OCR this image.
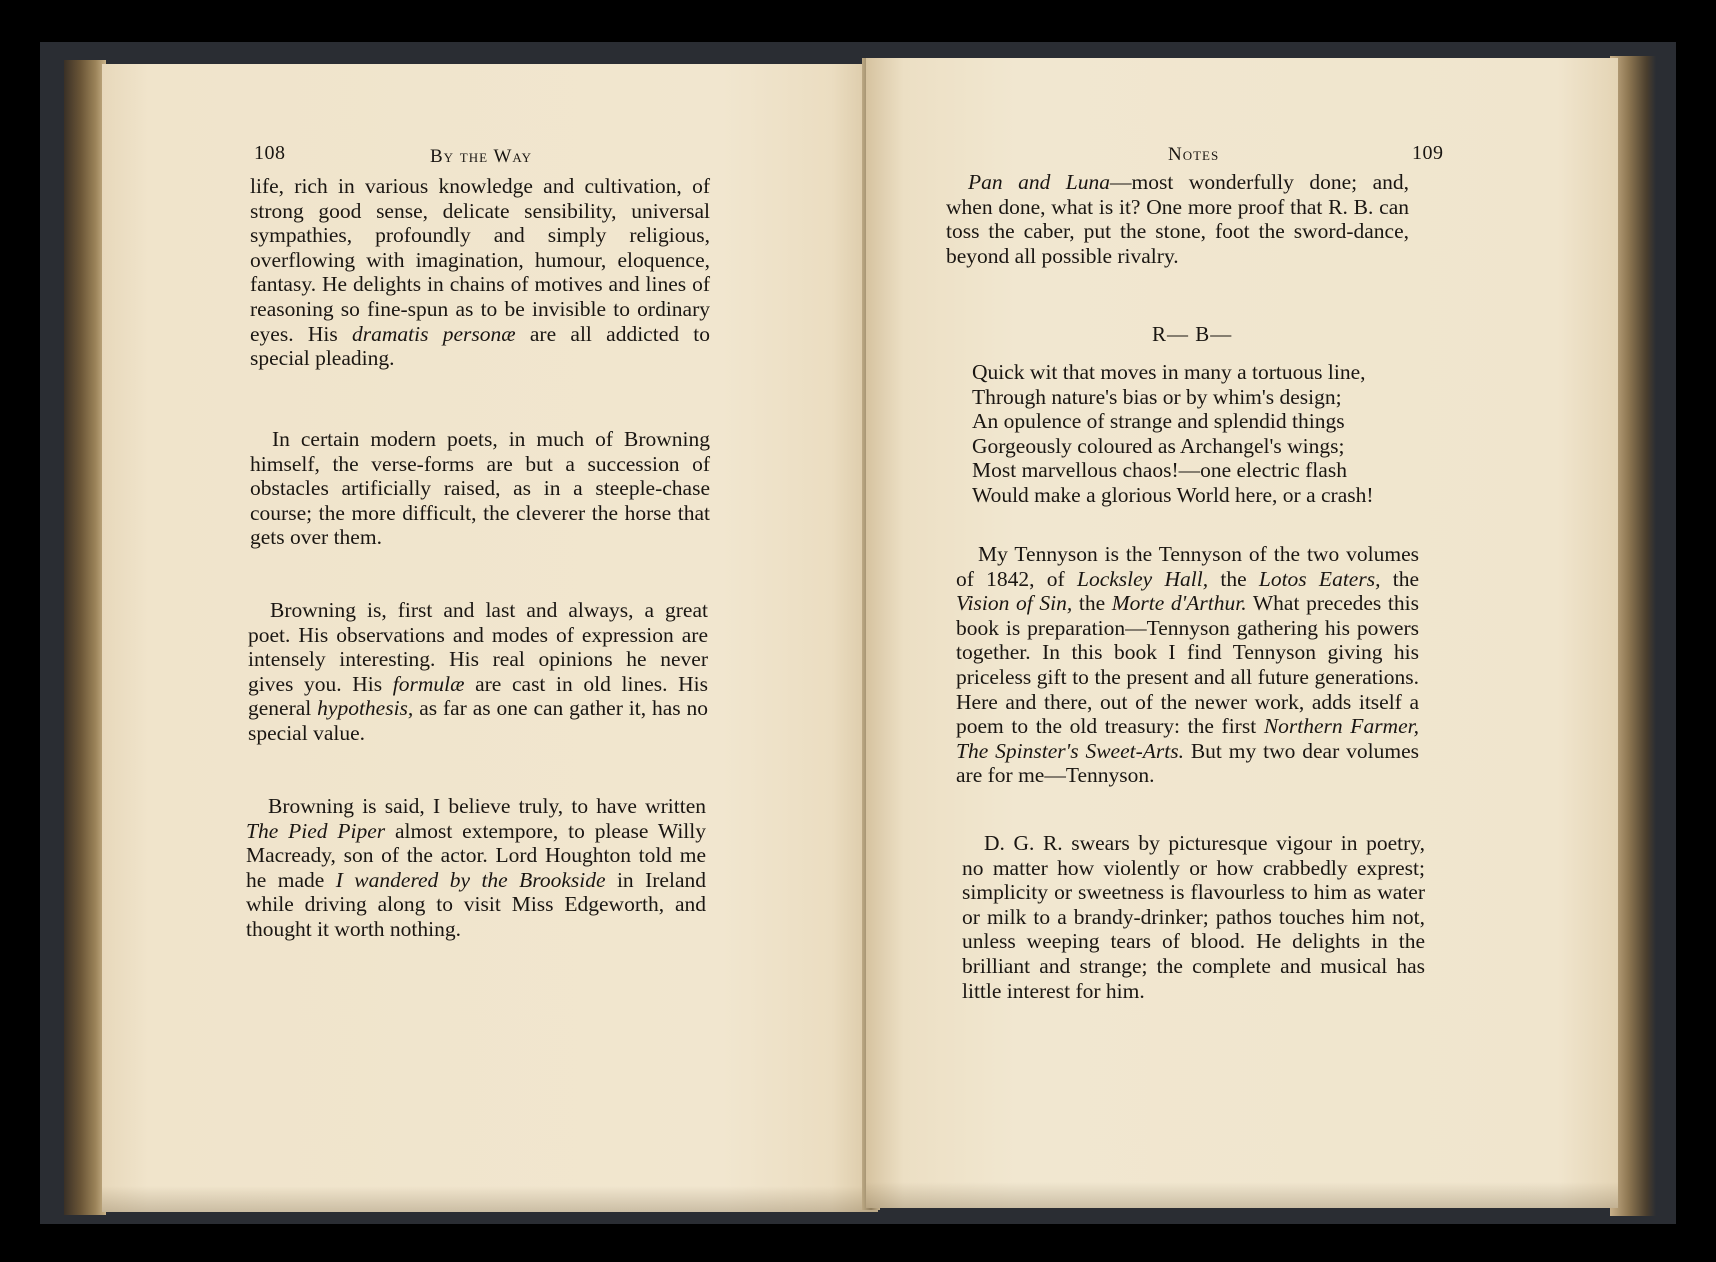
108	By the Way

life, rich in various knowledge and cultivation, of strong good sense, delicate sensibility, universal sympathies, profoundly and simply religious, overflowing with imagination, humour, eloquence, fantasy. He delights in chains of motives and lines of reasoning so fine-spun as to be invisible to ordinary eyes. His dramatis personæ are all addicted to special pleading.

In certain modern poets, in much of Browning himself, the verse-forms are but a succession of obstacles artificially raised, as in a steeple-chase course; the more difficult, the cleverer the horse that gets over them.

Browning is, first and last and always, a great poet. His observations and modes of expression are intensely interesting. His real opinions he never gives you. His formulæ are cast in old lines. His general hypothesis, as far as one can gather it, has no special value.

Browning is said, I believe truly, to have written The Pied Piper almost extempore, to please Willy Macready, son of the actor. Lord Houghton told me he made I wandered by the Brookside in Ireland while driving along to visit Miss Edgeworth, and thought it worth nothing.

Notes	109

Pan and Luna—most wonderfully done; and, when done, what is it? One more proof that R. B. can toss the caber, put the stone, foot the sword-dance, beyond all possible rivalry.

R— B—
Quick wit that moves in many a tortuous line,
Through nature's bias or by whim's design;
An opulence of strange and splendid things
Gorgeously coloured as Archangel's wings;
Most marvellous chaos!—one electric flash
Would make a glorious World here, or a crash!

My Tennyson is the Tennyson of the two volumes of 1842, of Locksley Hall, the Lotos Eaters, the Vision of Sin, the Morte d'Arthur. What precedes this book is preparation—Tennyson gathering his powers together. In this book I find Tennyson giving his priceless gift to the present and all future generations. Here and there, out of the newer work, adds itself a poem to the old treasury: the first Northern Farmer, The Spinster's Sweet-Arts. But my two dear volumes are for me—Tennyson.

D. G. R. swears by picturesque vigour in poetry, no matter how violently or how crabbedly exprest; simplicity or sweetness is flavourless to him as water or milk to a brandy-drinker; pathos touches him not, unless weeping tears of blood. He delights in the brilliant and strange; the complete and musical has little interest for him.
